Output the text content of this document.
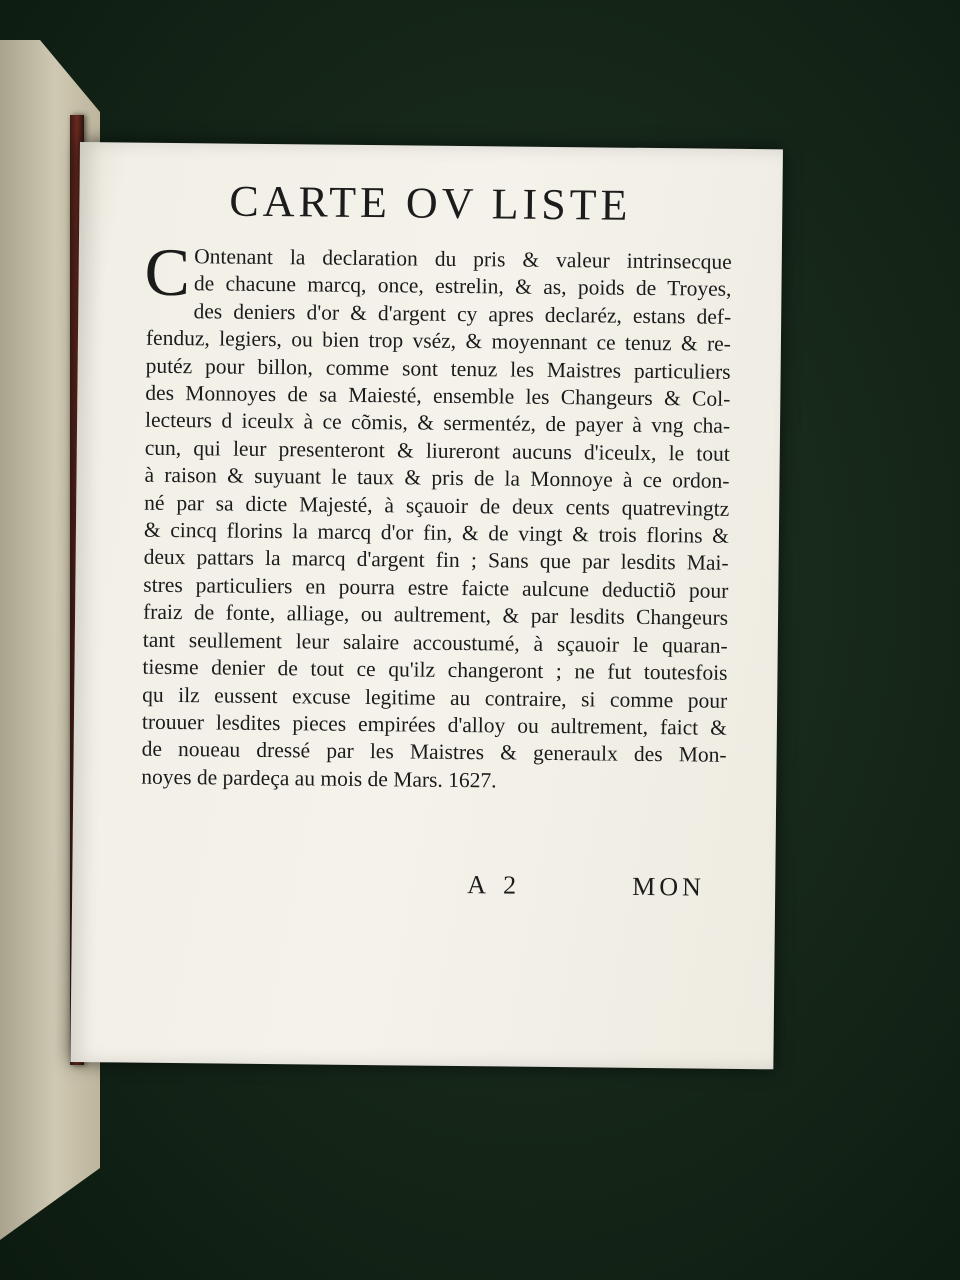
CARTE OV LISTE
C Ontenant la declaration du pris & valeur intrinsecque
de chacune marcq, once, estrelin, & as, poids de Troyes,
des deniers d'or & d'argent cy apres declaréz, estans def-
fenduz, legiers, ou bien trop vséz, & moyennant ce tenuz & re-
putéz pour billon, comme sont tenuz les Maistres particuliers
des Monnoyes de sa Maiesté, ensemble les Changeurs & Col-
lecteurs d iceulx à ce cõmis, & sermentéz, de payer à vng cha-
cun, qui leur presenteront & liureront aucuns d'iceulx, le tout
à raison & suyuant le taux & pris de la Monnoye à ce ordon-
né par sa dicte Majesté, à sçauoir de deux cents quatrevingtz
& cincq florins la marcq d'or fin, & de vingt & trois florins &
deux pattars la marcq d'argent fin ; Sans que par lesdits Mai-
stres particuliers en pourra estre faicte aulcune deductiõ pour
fraiz de fonte, alliage, ou aultrement, & par lesdits Changeurs
tant seullement leur salaire accoustumé, à sçauoir le quaran-
tiesme denier de tout ce qu'ilz changeront ; ne fut toutesfois
qu ilz eussent excuse legitime au contraire, si comme pour
trouuer lesdites pieces empirées d'alloy ou aultrement, faict &
de noueau dressé par les Maistres & generaulx des Mon-
noyes de pardeça au mois de Mars. 1627.
A 2	MON
